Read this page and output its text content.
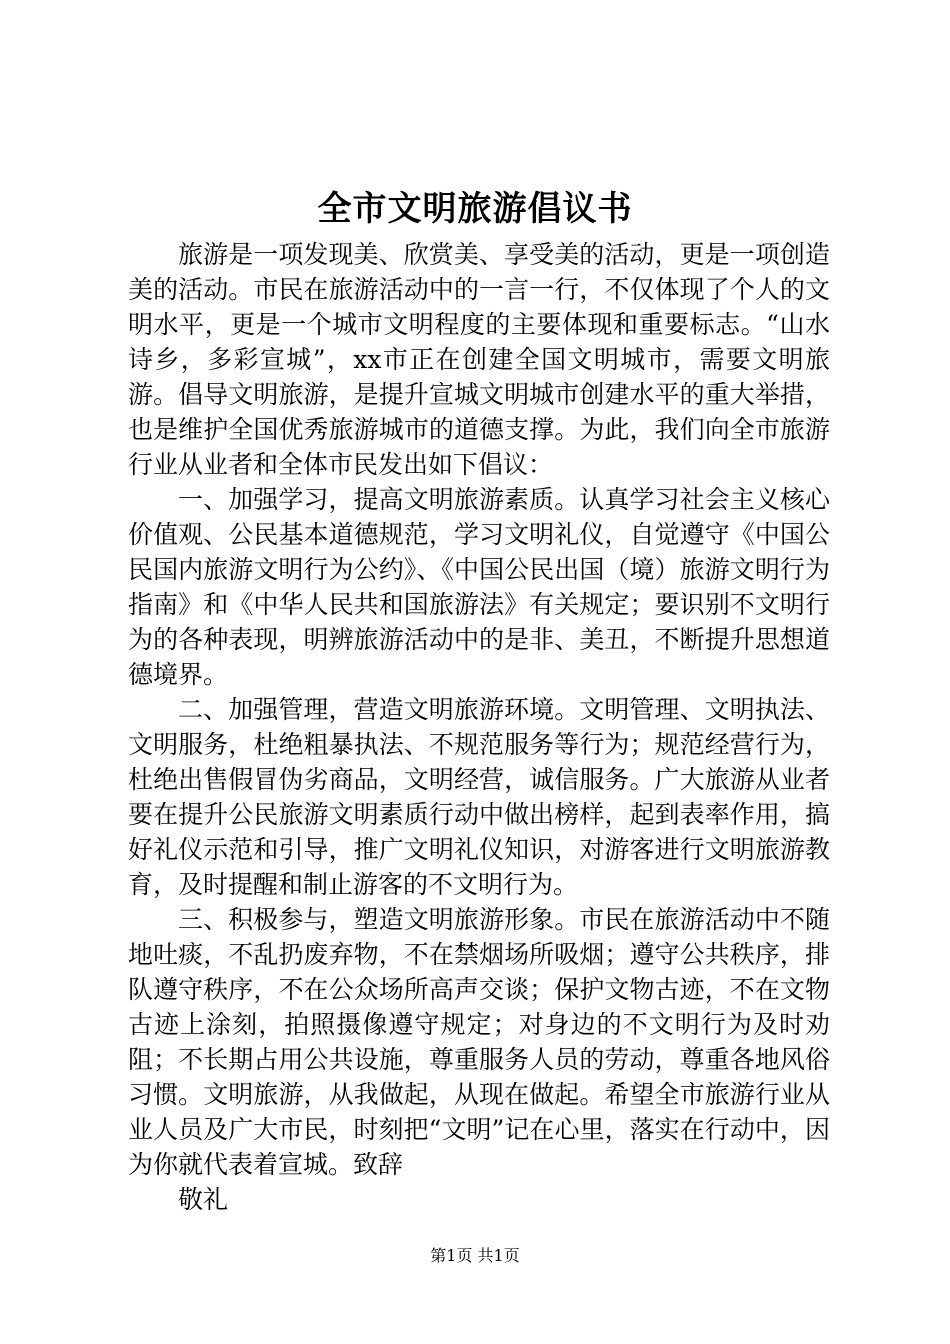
全市文明旅游倡议书

旅游是一项发现美、欣赏美、享受美的活动，更是一项创造美的活动。市民在旅游活动中的一言一行，不仅体现了个人的文明水平，更是一个城市文明程度的主要体现和重要标志。“山水诗乡，多彩宣城”，xx市正在创建全国文明城市，需要文明旅游。倡导文明旅游，是提升宣城文明城市创建水平的重大举措，也是维护全国优秀旅游城市的道德支撑。为此，我们向全市旅游行业从业者和全体市民发出如下倡议：

一、加强学习，提高文明旅游素质。认真学习社会主义核心价值观、公民基本道德规范，学习文明礼仪，自觉遵守《中国公民国内旅游文明行为公约》、《中国公民出国（境）旅游文明行为指南》和《中华人民共和国旅游法》有关规定；要识别不文明行为的各种表现，明辨旅游活动中的是非、美丑，不断提升思想道德境界。

二、加强管理，营造文明旅游环境。文明管理、文明执法、文明服务，杜绝粗暴执法、不规范服务等行为；规范经营行为，杜绝出售假冒伪劣商品，文明经营，诚信服务。广大旅游从业者要在提升公民旅游文明素质行动中做出榜样，起到表率作用，搞好礼仪示范和引导，推广文明礼仪知识，对游客进行文明旅游教育，及时提醒和制止游客的不文明行为。

三、积极参与，塑造文明旅游形象。市民在旅游活动中不随地吐痰，不乱扔废弃物，不在禁烟场所吸烟；遵守公共秩序，排队遵守秩序，不在公众场所高声交谈；保护文物古迹，不在文物古迹上涂刻，拍照摄像遵守规定；对身边的不文明行为及时劝阻；不长期占用公共设施，尊重服务人员的劳动，尊重各地风俗习惯。文明旅游，从我做起，从现在做起。希望全市旅游行业从业人员及广大市民，时刻把“文明”记在心里，落实在行动中，因为你就代表着宣城。致辞

敬礼

第1页 共1页
